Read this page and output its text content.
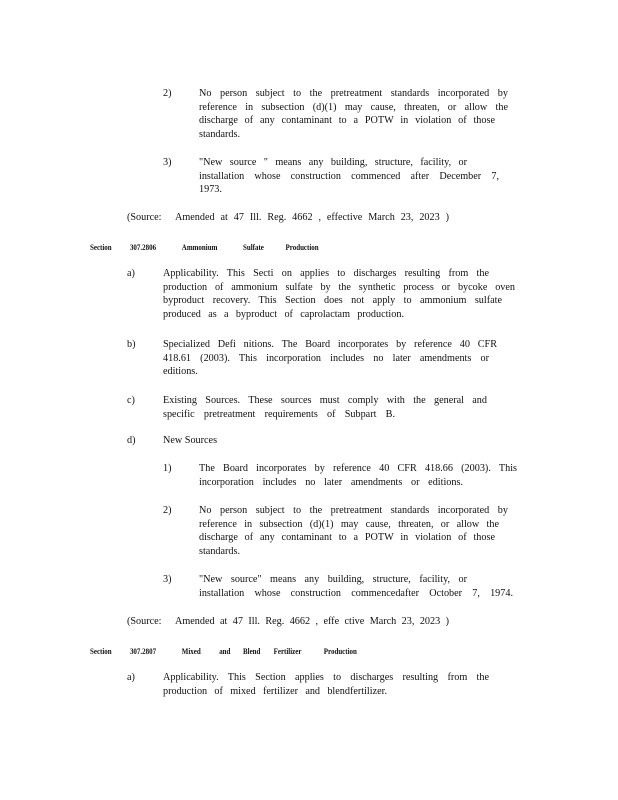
2)	No person subject to the pretreatment standards incorporated by

reference in subsection (d)(1) may cause, threaten, or allow the

discharge of any contaminant to a POTW in violation of those

standards.

3)	"New source " means any building, structure, facility, or

installation whose construction commenced after December 7,

1973.

(Source: Amended at 47 Ill. Reg. 4662 , effective March 23, 2023 )

Section 307.2806	Ammonium	Sulfate	Production
a)	Applicability. This Secti on applies to discharges resulting from the

production of ammonium sulfate by the synthetic process or bycoke oven

byproduct recovery. This Section does not apply to ammonium sulfate

produced as a byproduct of caprolactam production.

b)	Specialized Defi nitions. The Board incorporates by reference 40 CFR

418.61 (2003). This incorporation includes no later amendments or

editions.

c)	Existing Sources. These sources must comply with the general and

specific pretreatment requirements of Subpart B.

d)	New Sources
1)	The Board incorporates by reference 40 CFR 418.66 (2003). This

incorporation includes no later amendments or editions.

2)	No person subject to the pretreatment standards incorporated by

reference in subsection (d)(1) may cause, threaten, or allow the

discharge of any contaminant to a POTW in violation of those

standards.

3)	"New source" means any building, structure, facility, or

installation whose construction commencedafter October 7, 1974.

(Source: Amended at 47 Ill. Reg. 4662 , effe ctive March 23, 2023 )

Section 307.2807	Mixed and Blend Fertilizer	Production
a)	Applicability. This Section applies to discharges resulting from the

production of mixed fertilizer and blendfertilizer.
